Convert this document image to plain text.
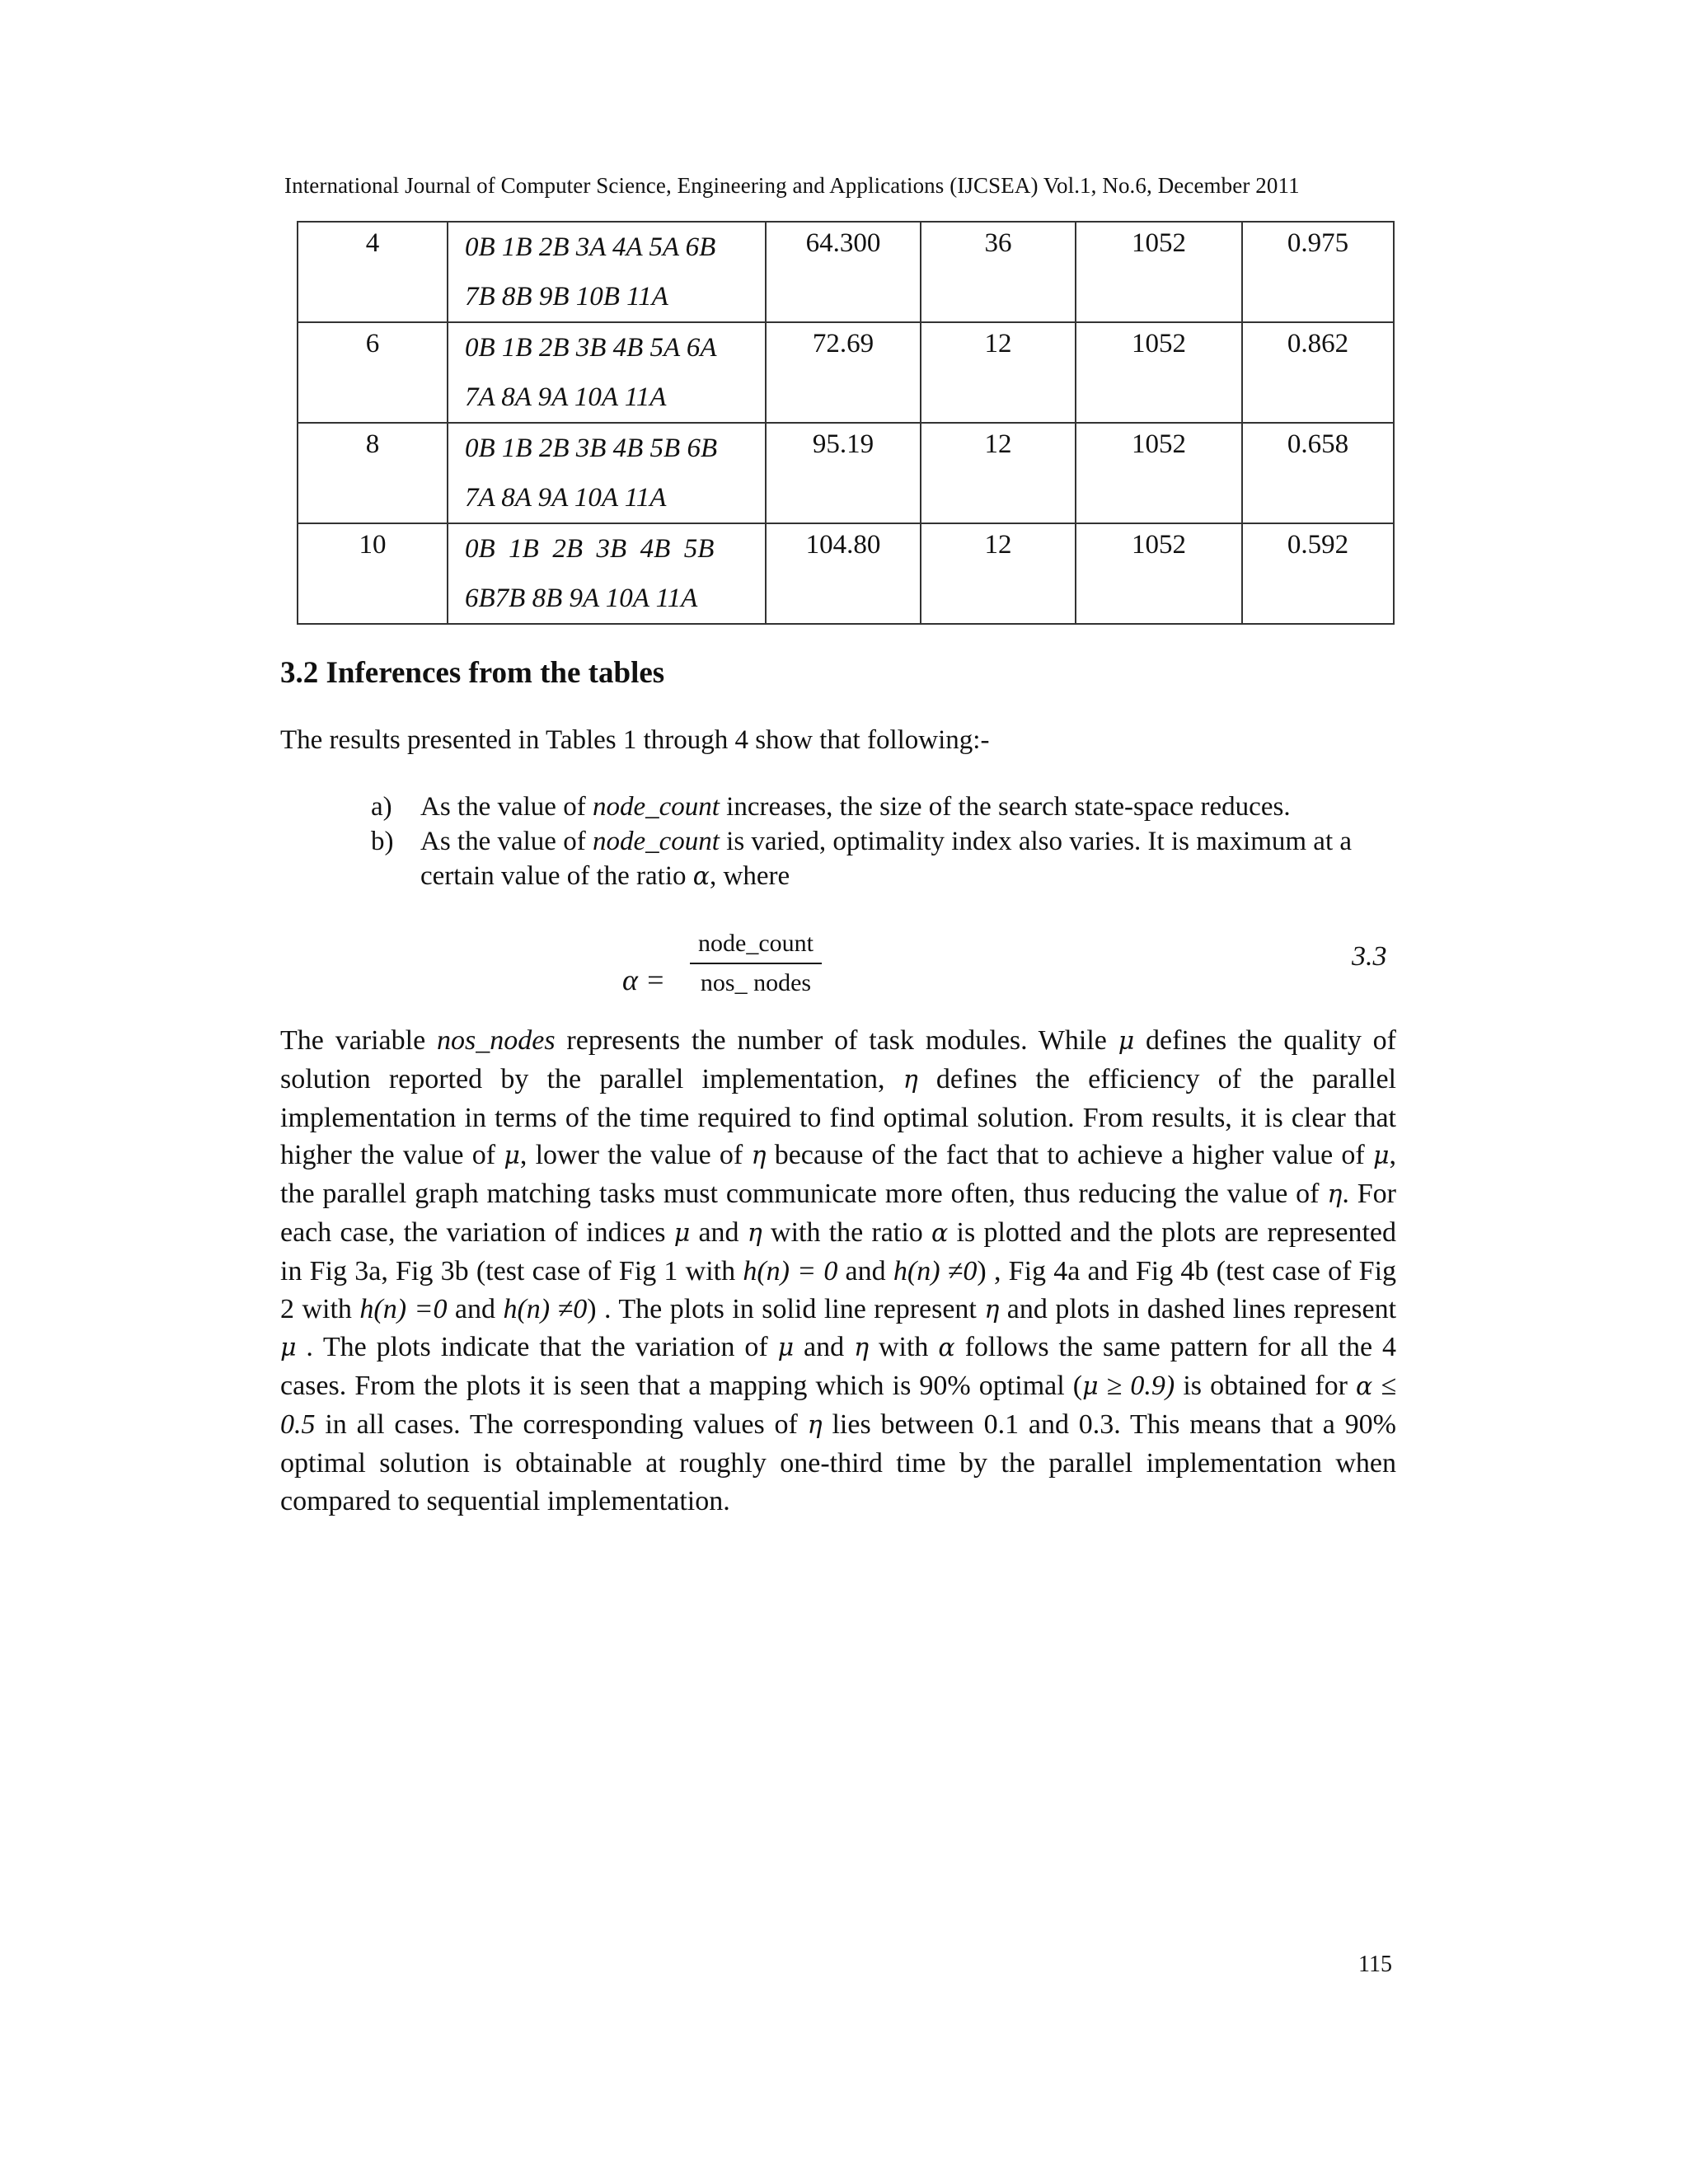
International Journal of Computer Science, Engineering and Applications (IJCSEA) Vol.1, No.6, December 2011
4	0B 1B 2B 3A 4A 5A 6B
7B 8B 9B 10B 11A	64.300	36	1052	0.975

6	0B 1B 2B 3B 4B 5A 6A
7A 8A 9A 10A 11A	72.69	12	1052	0.862

8	0B 1B 2B 3B 4B 5B 6B
7A 8A 9A 10A 11A	95.19	12	1052	0.658

10	0B  1B  2B  3B  4B  5B
6B7B 8B 9A 10A 11A	104.80	12	1052	0.592
3.2 Inferences from the tables
The results presented in Tables 1 through 4 show that following:-
a) As the value of node_count increases, the size of the search state-space reduces.
b) As the value of node_count is varied, optimality index also varies. It is maximum at a certain value of the ratio α, where
α =
node_count
nos_ nodes
3.3
The variable nos_nodes represents the number of task modules. While μ defines the quality of solution reported by the parallel implementation, η defines the efficiency of the parallel implementation in terms of the time required to find optimal solution. From results, it is clear that higher the value of μ, lower the value of η because of the fact that to achieve a higher value of μ, the parallel graph matching tasks must communicate more often, thus reducing the value of η. For each case, the variation of indices μ and η with the ratio α is plotted and the plots are represented in Fig 3a, Fig 3b (test case of Fig 1 with h(n) = 0 and h(n) ≠0) , Fig 4a and Fig 4b (test case of Fig 2 with h(n) =0 and h(n) ≠0) . The plots in solid line represent η and plots in dashed lines represent μ . The plots indicate that the variation of μ and η with α follows the same pattern for all the 4 cases. From the plots it is seen that a mapping which is 90% optimal (μ ≥ 0.9) is obtained for α ≤ 0.5 in all cases. The corresponding values of η lies between 0.1 and 0.3. This means that a 90% optimal solution is obtainable at roughly one-third time by the parallel implementation when compared to sequential implementation.
115
